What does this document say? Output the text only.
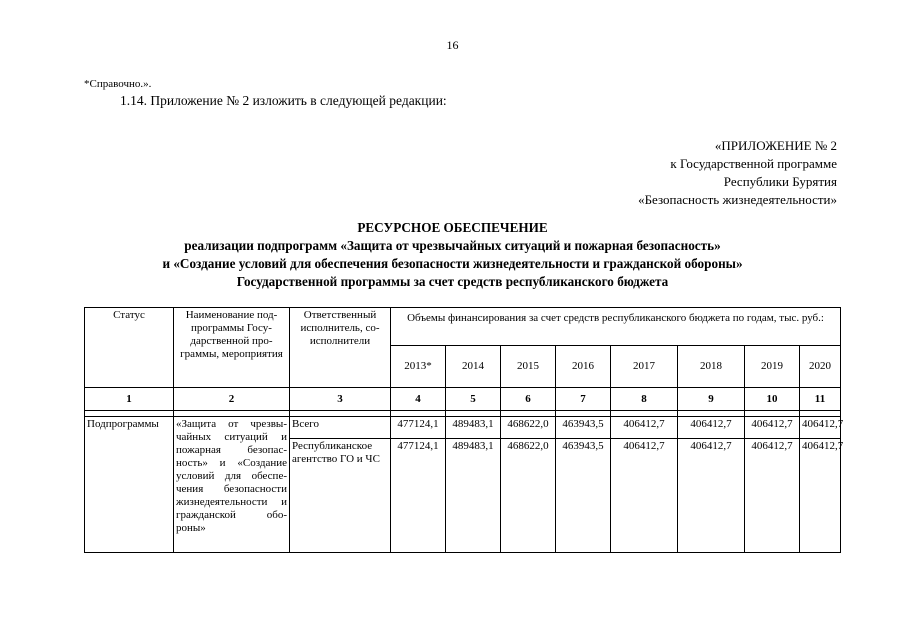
16
*Справочно.».
1.14. Приложение № 2 изложить в следующей редакции:
«ПРИЛОЖЕНИЕ № 2
к Государственной программе
Республики Бурятия
«Безопасность жизнедеятельности»
РЕСУРСНОЕ ОБЕСПЕЧЕНИЕ
реализации подпрограмм «Защита от чрезвычайных ситуаций и пожарная безопасность»
и «Создание условий для обеспечения безопасности жизнедеятельности и гражданской обороны»
Государственной программы за счет средств республиканского бюджета
Статус	Наименование под-программы Госу-дарственной про-граммы, мероприятия	Ответственный исполнитель, со-исполнители	Объемы финансирования за счет средств республиканского бюджета по годам, тыс. руб.:							
			2013*	2014	2015	2016	2017	2018	2019	2020
1	2	3	4	5	6	7	8	9	10	11

Подпрограммы	«Защита от чрезвы-чайных ситуаций и пожарная безопас-ность» и «Создание условий для обеспе-чения безопасности жизнедеятельности и гражданской обо-роны»	Всего	477124,1	489483,1	468622,0	463943,5	406412,7	406412,7	406412,7	406412,7
		Республиканское агентство ГО и ЧС	477124,1	489483,1	468622,0	463943,5	406412,7	406412,7	406412,7	406412,7
